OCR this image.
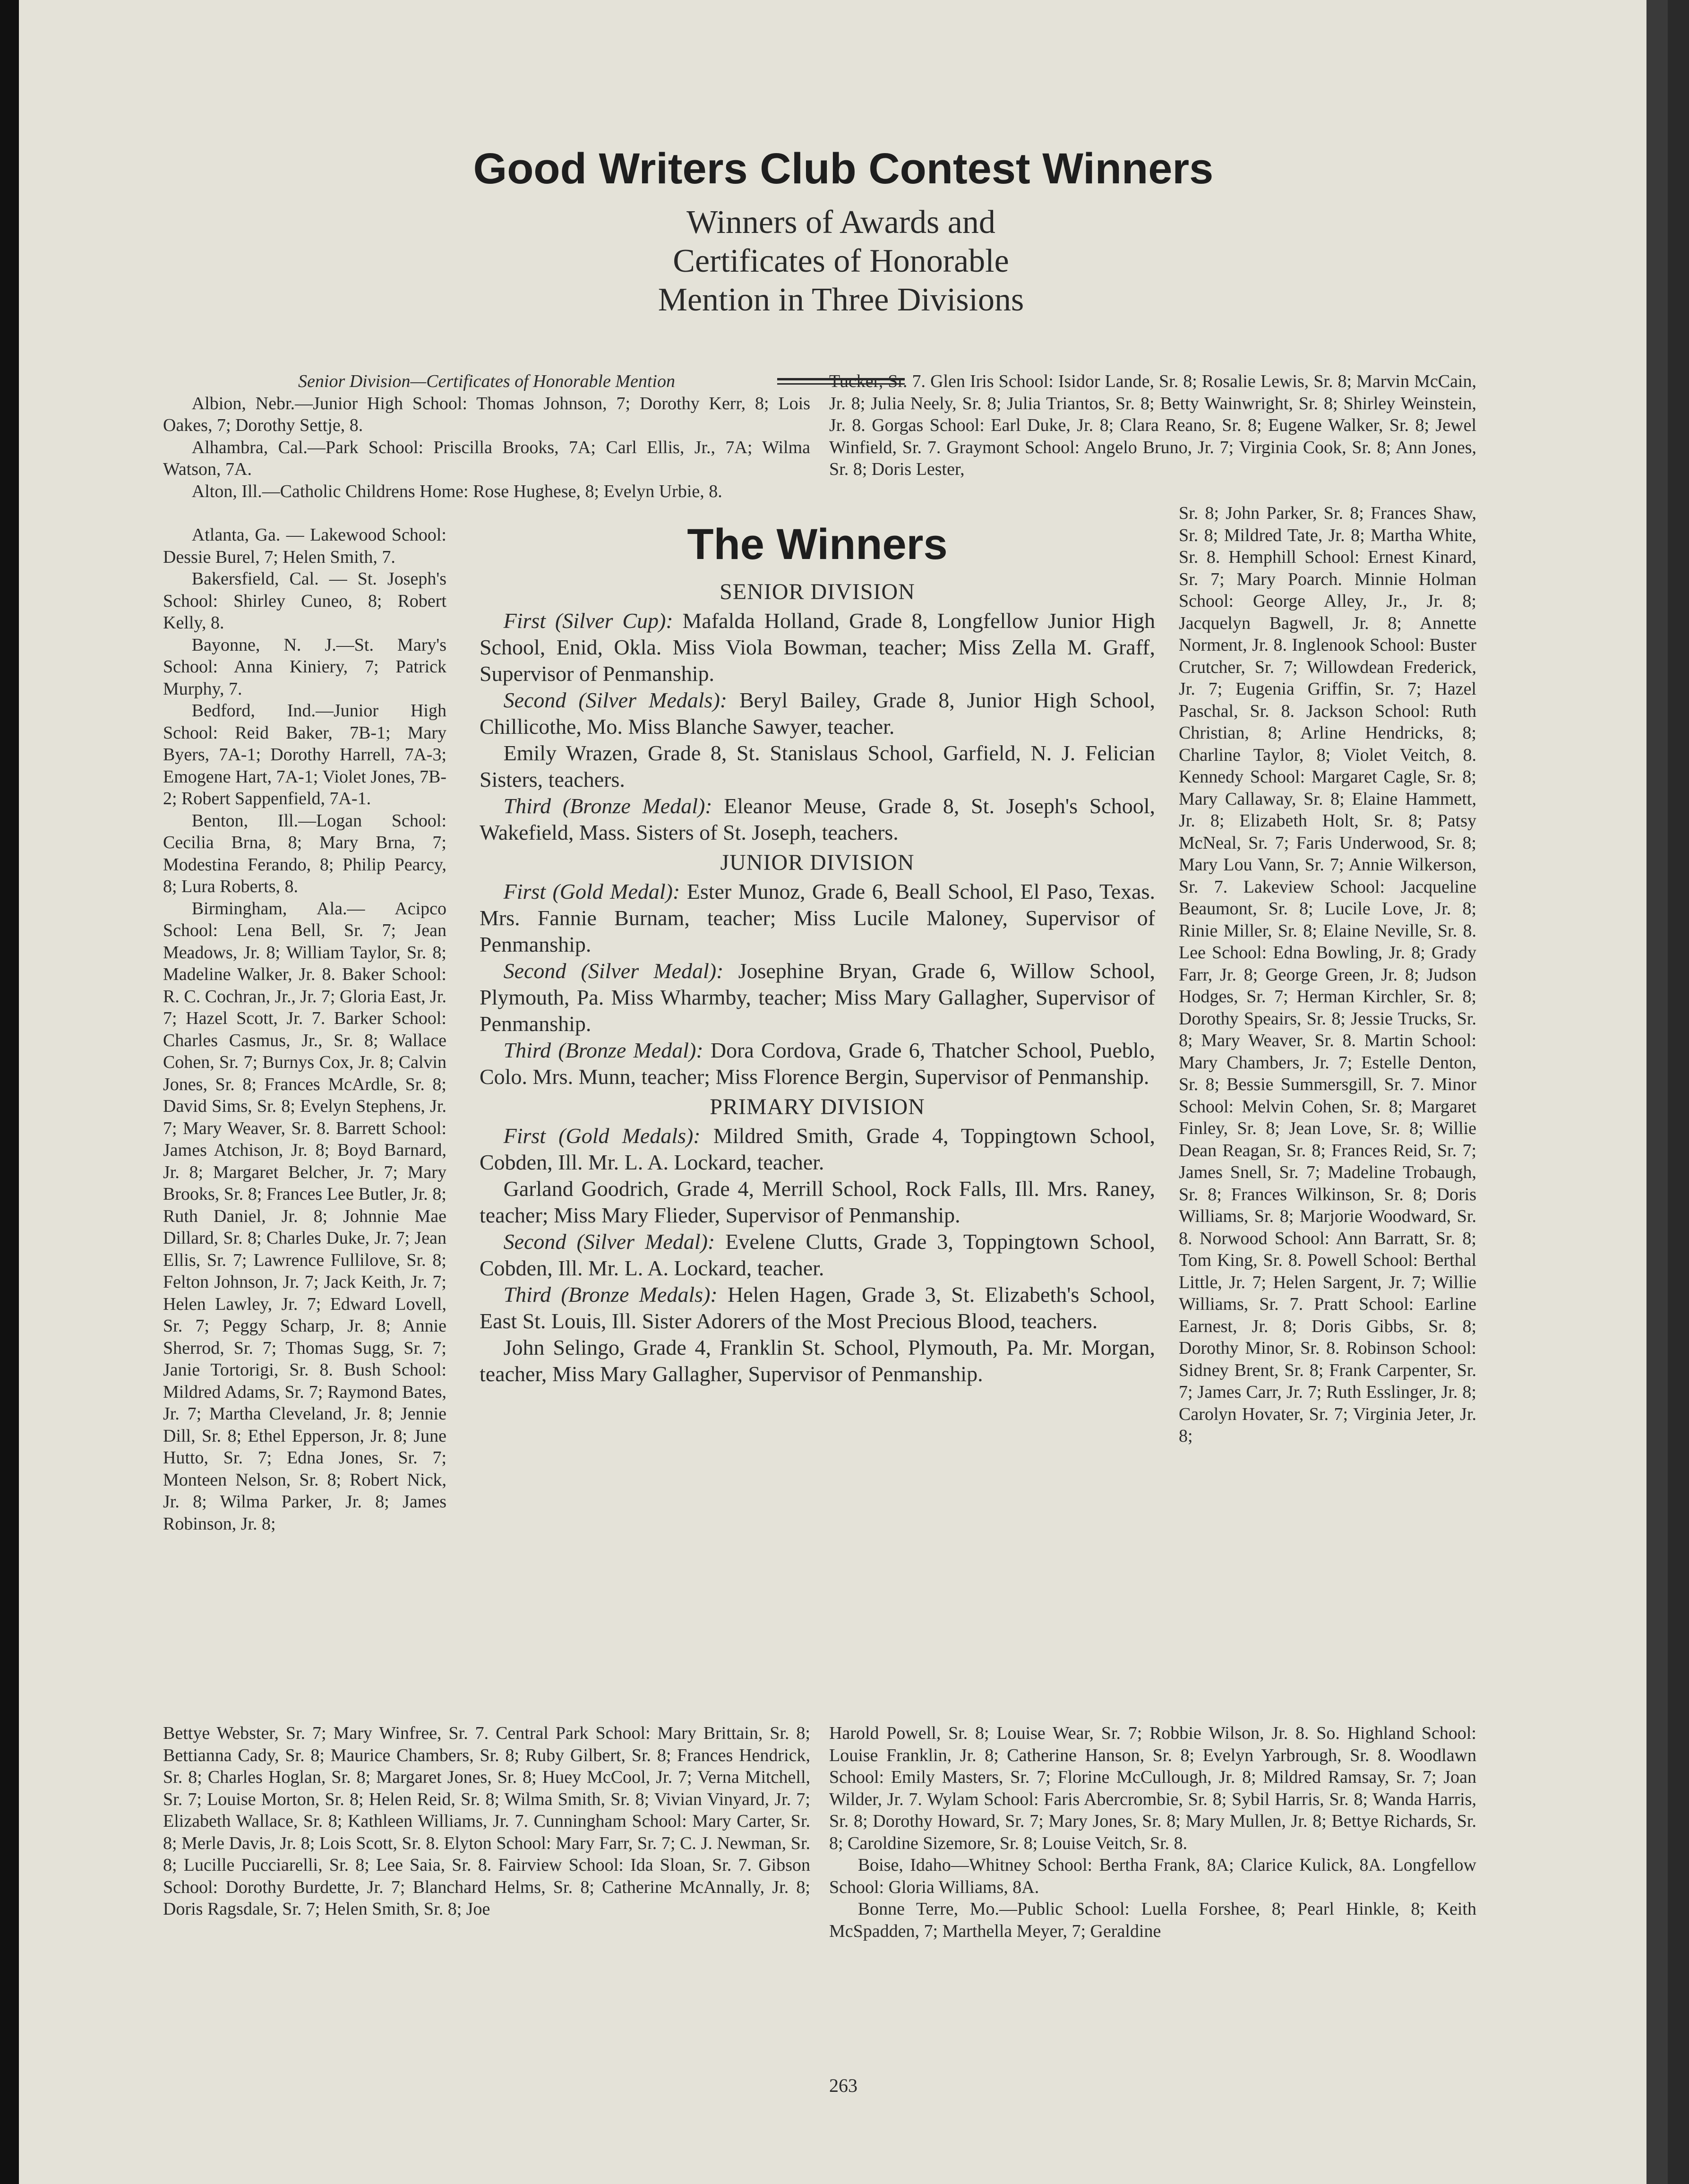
Good Writers Club Contest Winners
Winners of Awards and
Certificates of Honorable
Mention in Three Divisions

Senior Division—Certificates of Honorable Mention

Albion, Nebr.—Junior High School: Thomas Johnson, 7; Dorothy Kerr, 8; Lois Oakes, 7; Dorothy Settje, 8.

Alhambra, Cal.—Park School: Priscilla Brooks, 7A; Carl Ellis, Jr., 7A; Wilma Watson, 7A.

Alton, Ill.—Catholic Childrens Home: Rose Hughese, 8; Evelyn Urbie, 8.

Atlanta, Ga. — Lakewood School: Dessie Burel, 7; Helen Smith, 7.

Bakersfield, Cal. — St. Joseph's School: Shirley Cuneo, 8; Robert Kelly, 8.

Bayonne, N. J.—St. Mary's School: Anna Kiniery, 7; Patrick Murphy, 7.

Bedford, Ind.—Junior High School: Reid Baker, 7B-1; Mary Byers, 7A-1; Dorothy Harrell, 7A-3; Emogene Hart, 7A-1; Violet Jones, 7B-2; Robert Sappenfield, 7A-1.

Benton, Ill.—Logan School: Cecilia Brna, 8; Mary Brna, 7; Modestina Ferando, 8; Philip Pearcy, 8; Lura Roberts, 8.

Birmingham, Ala.— Acipco School: Lena Bell, Sr. 7; Jean Meadows, Jr. 8; William Taylor, Sr. 8; Madeline Walker, Jr. 8. Baker School: R. C. Cochran, Jr., Jr. 7; Gloria East, Jr. 7; Hazel Scott, Jr. 7. Barker School: Charles Casmus, Jr., Sr. 8; Wallace Cohen, Sr. 7; Burnys Cox, Jr. 8; Calvin Jones, Sr. 8; Frances McArdle, Sr. 8; David Sims, Sr. 8; Evelyn Stephens, Jr. 7; Mary Weaver, Sr. 8. Barrett School: James Atchison, Jr. 8; Boyd Barnard, Jr. 8; Margaret Belcher, Jr. 7; Mary Brooks, Sr. 8; Frances Lee Butler, Jr. 8; Ruth Daniel, Jr. 8; Johnnie Mae Dillard, Sr. 8; Charles Duke, Jr. 7; Jean Ellis, Sr. 7; Lawrence Fullilove, Sr. 8; Felton Johnson, Jr. 7; Jack Keith, Jr. 7; Helen Lawley, Jr. 7; Edward Lovell, Sr. 7; Peggy Scharp, Jr. 8; Annie Sherrod, Sr. 7; Thomas Sugg, Sr. 7; Janie Tortorigi, Sr. 8. Bush School: Mildred Adams, Sr. 7; Raymond Bates, Jr. 7; Martha Cleveland, Jr. 8; Jennie Dill, Sr. 8; Ethel Epperson, Jr. 8; June Hutto, Sr. 7; Edna Jones, Sr. 7; Monteen Nelson, Sr. 8; Robert Nick, Jr. 8; Wilma Parker, Jr. 8; James Robinson, Jr. 8;

Tucker, Sr. 7. Glen Iris School: Isidor Lande, Sr. 8; Rosalie Lewis, Sr. 8; Marvin McCain, Jr. 8; Julia Neely, Sr. 8; Julia Triantos, Sr. 8; Betty Wainwright, Sr. 8; Shirley Weinstein, Jr. 8. Gorgas School: Earl Duke, Jr. 8; Clara Reano, Sr. 8; Eugene Walker, Sr. 8; Jewel Winfield, Sr. 7. Graymont School: Angelo Bruno, Jr. 7; Virginia Cook, Sr. 8; Ann Jones, Sr. 8; Doris Lester,

Sr. 8; John Parker, Sr. 8; Frances Shaw, Sr. 8; Mildred Tate, Jr. 8; Martha White, Sr. 8. Hemphill School: Ernest Kinard, Sr. 7; Mary Poarch. Minnie Holman School: George Alley, Jr., Jr. 8; Jacquelyn Bagwell, Jr. 8; Annette Norment, Jr. 8. Inglenook School: Buster Crutcher, Sr. 7; Willowdean Frederick, Jr. 7; Eugenia Griffin, Sr. 7; Hazel Paschal, Sr. 8. Jackson School: Ruth Christian, 8; Arline Hendricks, 8; Charline Taylor, 8; Violet Veitch, 8. Kennedy School: Margaret Cagle, Sr. 8; Mary Callaway, Sr. 8; Elaine Hammett, Jr. 8; Elizabeth Holt, Sr. 8; Patsy McNeal, Sr. 7; Faris Underwood, Sr. 8; Mary Lou Vann, Sr. 7; Annie Wilkerson, Sr. 7. Lakeview School: Jacqueline Beaumont, Sr. 8; Lucile Love, Jr. 8; Rinie Miller, Sr. 8; Elaine Neville, Sr. 8. Lee School: Edna Bowling, Jr. 8; Grady Farr, Jr. 8; George Green, Jr. 8; Judson Hodges, Sr. 7; Herman Kirchler, Sr. 8; Dorothy Speairs, Sr. 8; Jessie Trucks, Sr. 8; Mary Weaver, Sr. 8. Martin School: Mary Chambers, Jr. 7; Estelle Denton, Sr. 8; Bessie Summersgill, Sr. 7. Minor School: Melvin Cohen, Sr. 8; Margaret Finley, Sr. 8; Jean Love, Sr. 8; Willie Dean Reagan, Sr. 8; Frances Reid, Sr. 7; James Snell, Sr. 7; Madeline Trobaugh, Sr. 8; Frances Wilkinson, Sr. 8; Doris Williams, Sr. 8; Marjorie Woodward, Sr. 8. Norwood School: Ann Barratt, Sr. 8; Tom King, Sr. 8. Powell School: Berthal Little, Jr. 7; Helen Sargent, Jr. 7; Willie Williams, Sr. 7. Pratt School: Earline Earnest, Jr. 8; Doris Gibbs, Sr. 8; Dorothy Minor, Sr. 8. Robinson School: Sidney Brent, Sr. 8; Frank Carpenter, Sr. 7; James Carr, Jr. 7; Ruth Esslinger, Jr. 8; Carolyn Hovater, Sr. 7; Virginia Jeter, Jr. 8;

The Winners
SENIOR DIVISION

First (Silver Cup): Mafalda Holland, Grade 8, Longfellow Junior High School, Enid, Okla. Miss Viola Bowman, teacher; Miss Zella M. Graff, Supervisor of Penmanship.

Second (Silver Medals): Beryl Bailey, Grade 8, Junior High School, Chillicothe, Mo. Miss Blanche Sawyer, teacher.

Emily Wrazen, Grade 8, St. Stanislaus School, Garfield, N. J. Felician Sisters, teachers.

Third (Bronze Medal): Eleanor Meuse, Grade 8, St. Joseph's School, Wakefield, Mass. Sisters of St. Joseph, teachers.

JUNIOR DIVISION

First (Gold Medal): Ester Munoz, Grade 6, Beall School, El Paso, Texas. Mrs. Fannie Burnam, teacher; Miss Lucile Maloney, Supervisor of Penmanship.

Second (Silver Medal): Josephine Bryan, Grade 6, Willow School, Plymouth, Pa. Miss Wharmby, teacher; Miss Mary Gallagher, Supervisor of Penmanship.

Third (Bronze Medal): Dora Cordova, Grade 6, Thatcher School, Pueblo, Colo. Mrs. Munn, teacher; Miss Florence Bergin, Supervisor of Penmanship.

PRIMARY DIVISION

First (Gold Medals): Mildred Smith, Grade 4, Toppingtown School, Cobden, Ill. Mr. L. A. Lockard, teacher.

Garland Goodrich, Grade 4, Merrill School, Rock Falls, Ill. Mrs. Raney, teacher; Miss Mary Flieder, Supervisor of Penmanship.

Second (Silver Medal): Evelene Clutts, Grade 3, Toppingtown School, Cobden, Ill. Mr. L. A. Lockard, teacher.

Third (Bronze Medals): Helen Hagen, Grade 3, St. Elizabeth's School, East St. Louis, Ill. Sister Adorers of the Most Precious Blood, teachers.

John Selingo, Grade 4, Franklin St. School, Plymouth, Pa. Mr. Morgan, teacher, Miss Mary Gallagher, Supervisor of Penmanship.

Bettye Webster, Sr. 7; Mary Winfree, Sr. 7. Central Park School: Mary Brittain, Sr. 8; Bettianna Cady, Sr. 8; Maurice Chambers, Sr. 8; Ruby Gilbert, Sr. 8; Frances Hendrick, Sr. 8; Charles Hoglan, Sr. 8; Margaret Jones, Sr. 8; Huey McCool, Jr. 7; Verna Mitchell, Sr. 7; Louise Morton, Sr. 8; Helen Reid, Sr. 8; Wilma Smith, Sr. 8; Vivian Vinyard, Jr. 7; Elizabeth Wallace, Sr. 8; Kathleen Williams, Jr. 7. Cunningham School: Mary Carter, Sr. 8; Merle Davis, Jr. 8; Lois Scott, Sr. 8. Elyton School: Mary Farr, Sr. 7; C. J. Newman, Sr. 8; Lucille Pucciarelli, Sr. 8; Lee Saia, Sr. 8. Fairview School: Ida Sloan, Sr. 7. Gibson School: Dorothy Burdette, Jr. 7; Blanchard Helms, Sr. 8; Catherine McAnnally, Jr. 8; Doris Ragsdale, Sr. 7; Helen Smith, Sr. 8; Joe

Harold Powell, Sr. 8; Louise Wear, Sr. 7; Robbie Wilson, Jr. 8. So. Highland School: Louise Franklin, Jr. 8; Catherine Hanson, Sr. 8; Evelyn Yarbrough, Sr. 8. Woodlawn School: Emily Masters, Sr. 7; Florine McCullough, Jr. 8; Mildred Ramsay, Sr. 7; Joan Wilder, Jr. 7. Wylam School: Faris Abercrombie, Sr. 8; Sybil Harris, Sr. 8; Wanda Harris, Sr. 8; Dorothy Howard, Sr. 7; Mary Jones, Sr. 8; Mary Mullen, Jr. 8; Bettye Richards, Sr. 8; Caroldine Sizemore, Sr. 8; Louise Veitch, Sr. 8.

Boise, Idaho—Whitney School: Bertha Frank, 8A; Clarice Kulick, 8A. Longfellow School: Gloria Williams, 8A.

Bonne Terre, Mo.—Public School: Luella Forshee, 8; Pearl Hinkle, 8; Keith McSpadden, 7; Marthella Meyer, 7; Geraldine

263
